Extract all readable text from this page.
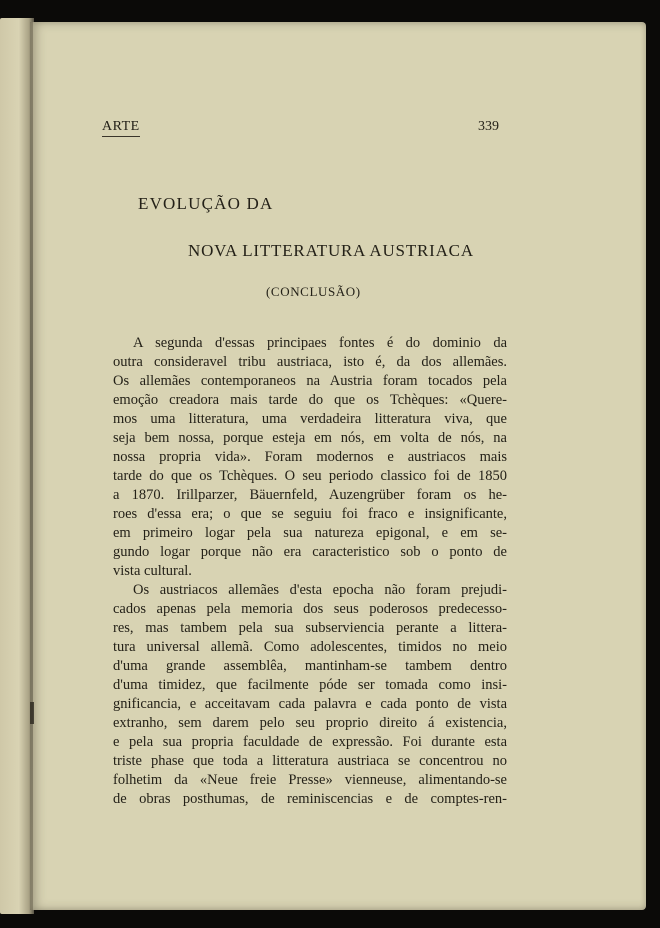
ARTE	339
EVOLUÇÃO DA
NOVA LITTERATURA AUSTRIACA
(CONCLUSÃO)
A segunda d'essas principaes fontes é do dominio da
outra consideravel tribu austriaca, isto é, da dos allemães.
Os allemães contemporaneos na Austria foram tocados pela
emoção creadora mais tarde do que os Tchèques: «Quere-
mos uma litteratura, uma verdadeira litteratura viva, que
seja bem nossa, porque esteja em nós, em volta de nós, na
nossa propria vida». Foram modernos e austriacos mais
tarde do que os Tchèques. O seu periodo classico foi de 1850
a 1870. Irillparzer, Bäuernfeld, Auzengrüber foram os he-
roes d'essa era; o que se seguiu foi fraco e insignificante,
em primeiro logar pela sua natureza epigonal, e em se-
gundo logar porque não era caracteristico sob o ponto de
vista cultural.
Os austriacos allemães d'esta epocha não foram prejudi-
cados apenas pela memoria dos seus poderosos predecesso-
res, mas tambem pela sua subserviencia perante a littera-
tura universal allemã. Como adolescentes, timidos no meio
d'uma grande assemblêa, mantinham-se tambem dentro
d'uma timidez, que facilmente póde ser tomada como insi-
gnificancia, e acceitavam cada palavra e cada ponto de vista
extranho, sem darem pelo seu proprio direito á existencia,
e pela sua propria faculdade de expressão. Foi durante esta
triste phase que toda a litteratura austriaca se concentrou no
folhetim da «Neue freie Presse» vienneuse, alimentando-se
de obras posthumas, de reminiscencias e de comptes-ren-
